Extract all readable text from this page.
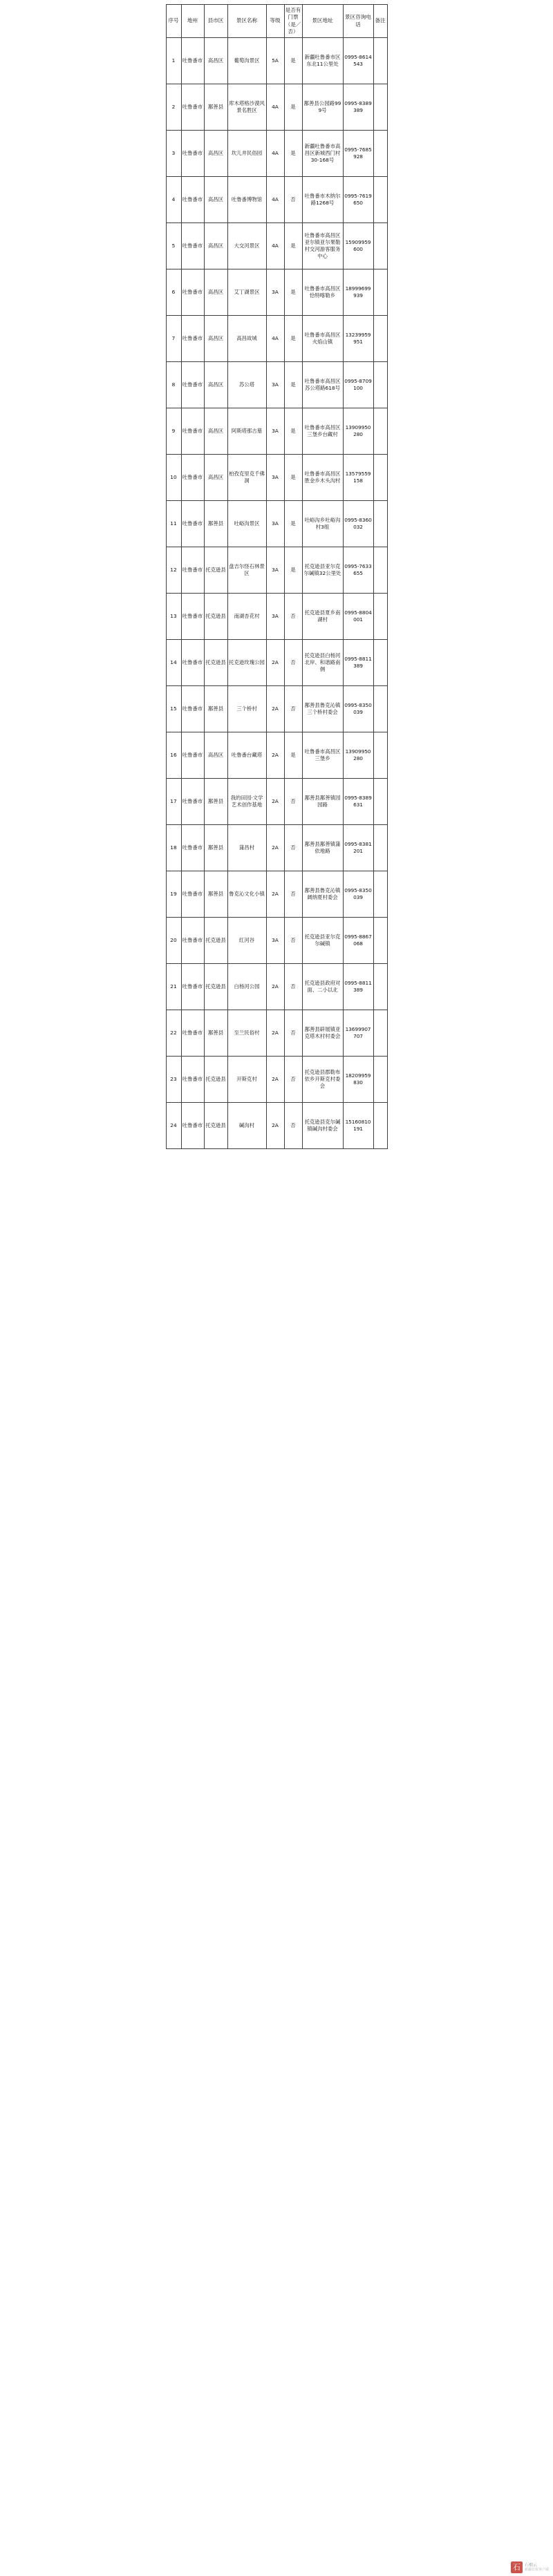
序号	地州	县市区	景区名称	等级	是否有门票（是／否）	景区地址	景区咨询电话	备注
1	吐鲁番市	高昌区	葡萄沟景区	5A	是	新疆吐鲁番市区东北11公里处	0995-8614543	
2	吐鲁番市	鄯善县	库木塔格沙漠风景名胜区	4A	是	鄯善县公园路999号	0995-8389389	
3	吐鲁番市	高昌区	坎儿井民俗园	4A	是	新疆吐鲁番市高昌区新城西门村30-168号	0995-7685928	
4	吐鲁番市	高昌区	吐鲁番博物馆	4A	否	吐鲁番市木纳尔路1268号	0995-7619650	
5	吐鲁番市	高昌区	大交河景区	4A	是	吐鲁番市高昌区亚尔镇亚尔果勒村交河游客服务中心	15909959600	
6	吐鲁番市	高昌区	艾丁湖景区	3A	是	吐鲁番市高昌区恰特喀勒乡	18999699939	
7	吐鲁番市	高昌区	高昌故城	4A	是	吐鲁番市高昌区火焰山镇	13239959951	
8	吐鲁番市	高昌区	苏公塔	3A	是	吐鲁番市高昌区苏公塔路618号	0995-8709100	
9	吐鲁番市	高昌区	阿斯塔那古墓	3A	是	吐鲁番市高昌区三堡乡台藏村	13909950280	
10	吐鲁番市	高昌区	柏孜克里克千佛洞	3A	是	吐鲁番市高昌区胜金乡木头沟村	13579559158	
11	吐鲁番市	鄯善县	吐峪沟景区	3A	是	吐峪沟乡吐峪沟村3组	0995-8360032	
12	吐鲁番市	托克逊县	盘吉尔怪石林景区	3A	是	托克逊县亚尔克尔碱镇32公里处	0995-7633655	
13	吐鲁番市	托克逊县	南湖杏花村	3A	否	托克逊县夏乡南湖村	0995-8804001	
14	吐鲁番市	托克逊县	托克逊玫瑰公园	2A	否	托克逊县白杨河北岸、和谐路南侧	0995-8811389	
15	吐鲁番市	鄯善县	三个桥村	2A	否	鄯善县鲁克沁镇三个桥村委会	0995-8350039	
16	吐鲁番市	高昌区	吐鲁番台藏塔	2A	是	吐鲁番市高昌区三堡乡	13909950280	
17	吐鲁番市	鄯善县	我的田园·文学艺术创作基地	2A	否	鄯善县鄯善镇园园路	0995-8389631	
18	吐鲁番市	鄯善县	蒲昌村	2A	否	鄯善县鄯善镇蒲依地路	0995-8381201	
19	吐鲁番市	鄯善县	鲁克沁文化小镇	2A	否	鄯善县鲁克沁镇阔纳夏村委会	0995-8350039	
20	吐鲁番市	托克逊县	红河谷	3A	否	托克逊县亚尔克尔碱镇	0995-8867068	
21	吐鲁番市	托克逊县	白杨河公园	2A	否	托克逊县政府对面、二小以北	0995-8811389	
22	吐鲁番市	鄯善县	至兰民俗村	2A	否	鄯善县辟展镇亚克塔木村村委会	13699907707	
23	吐鲁番市	托克逊县	开斯克村	2A	否	托克逊县郡勒布依乡开斯克村委会	18209959830	
24	吐鲁番市	托克逊县	碱沟村	2A	否	托克逊县克尔碱镇碱沟村委会	15160810191	
石	石榴云
新疆日报客户端
